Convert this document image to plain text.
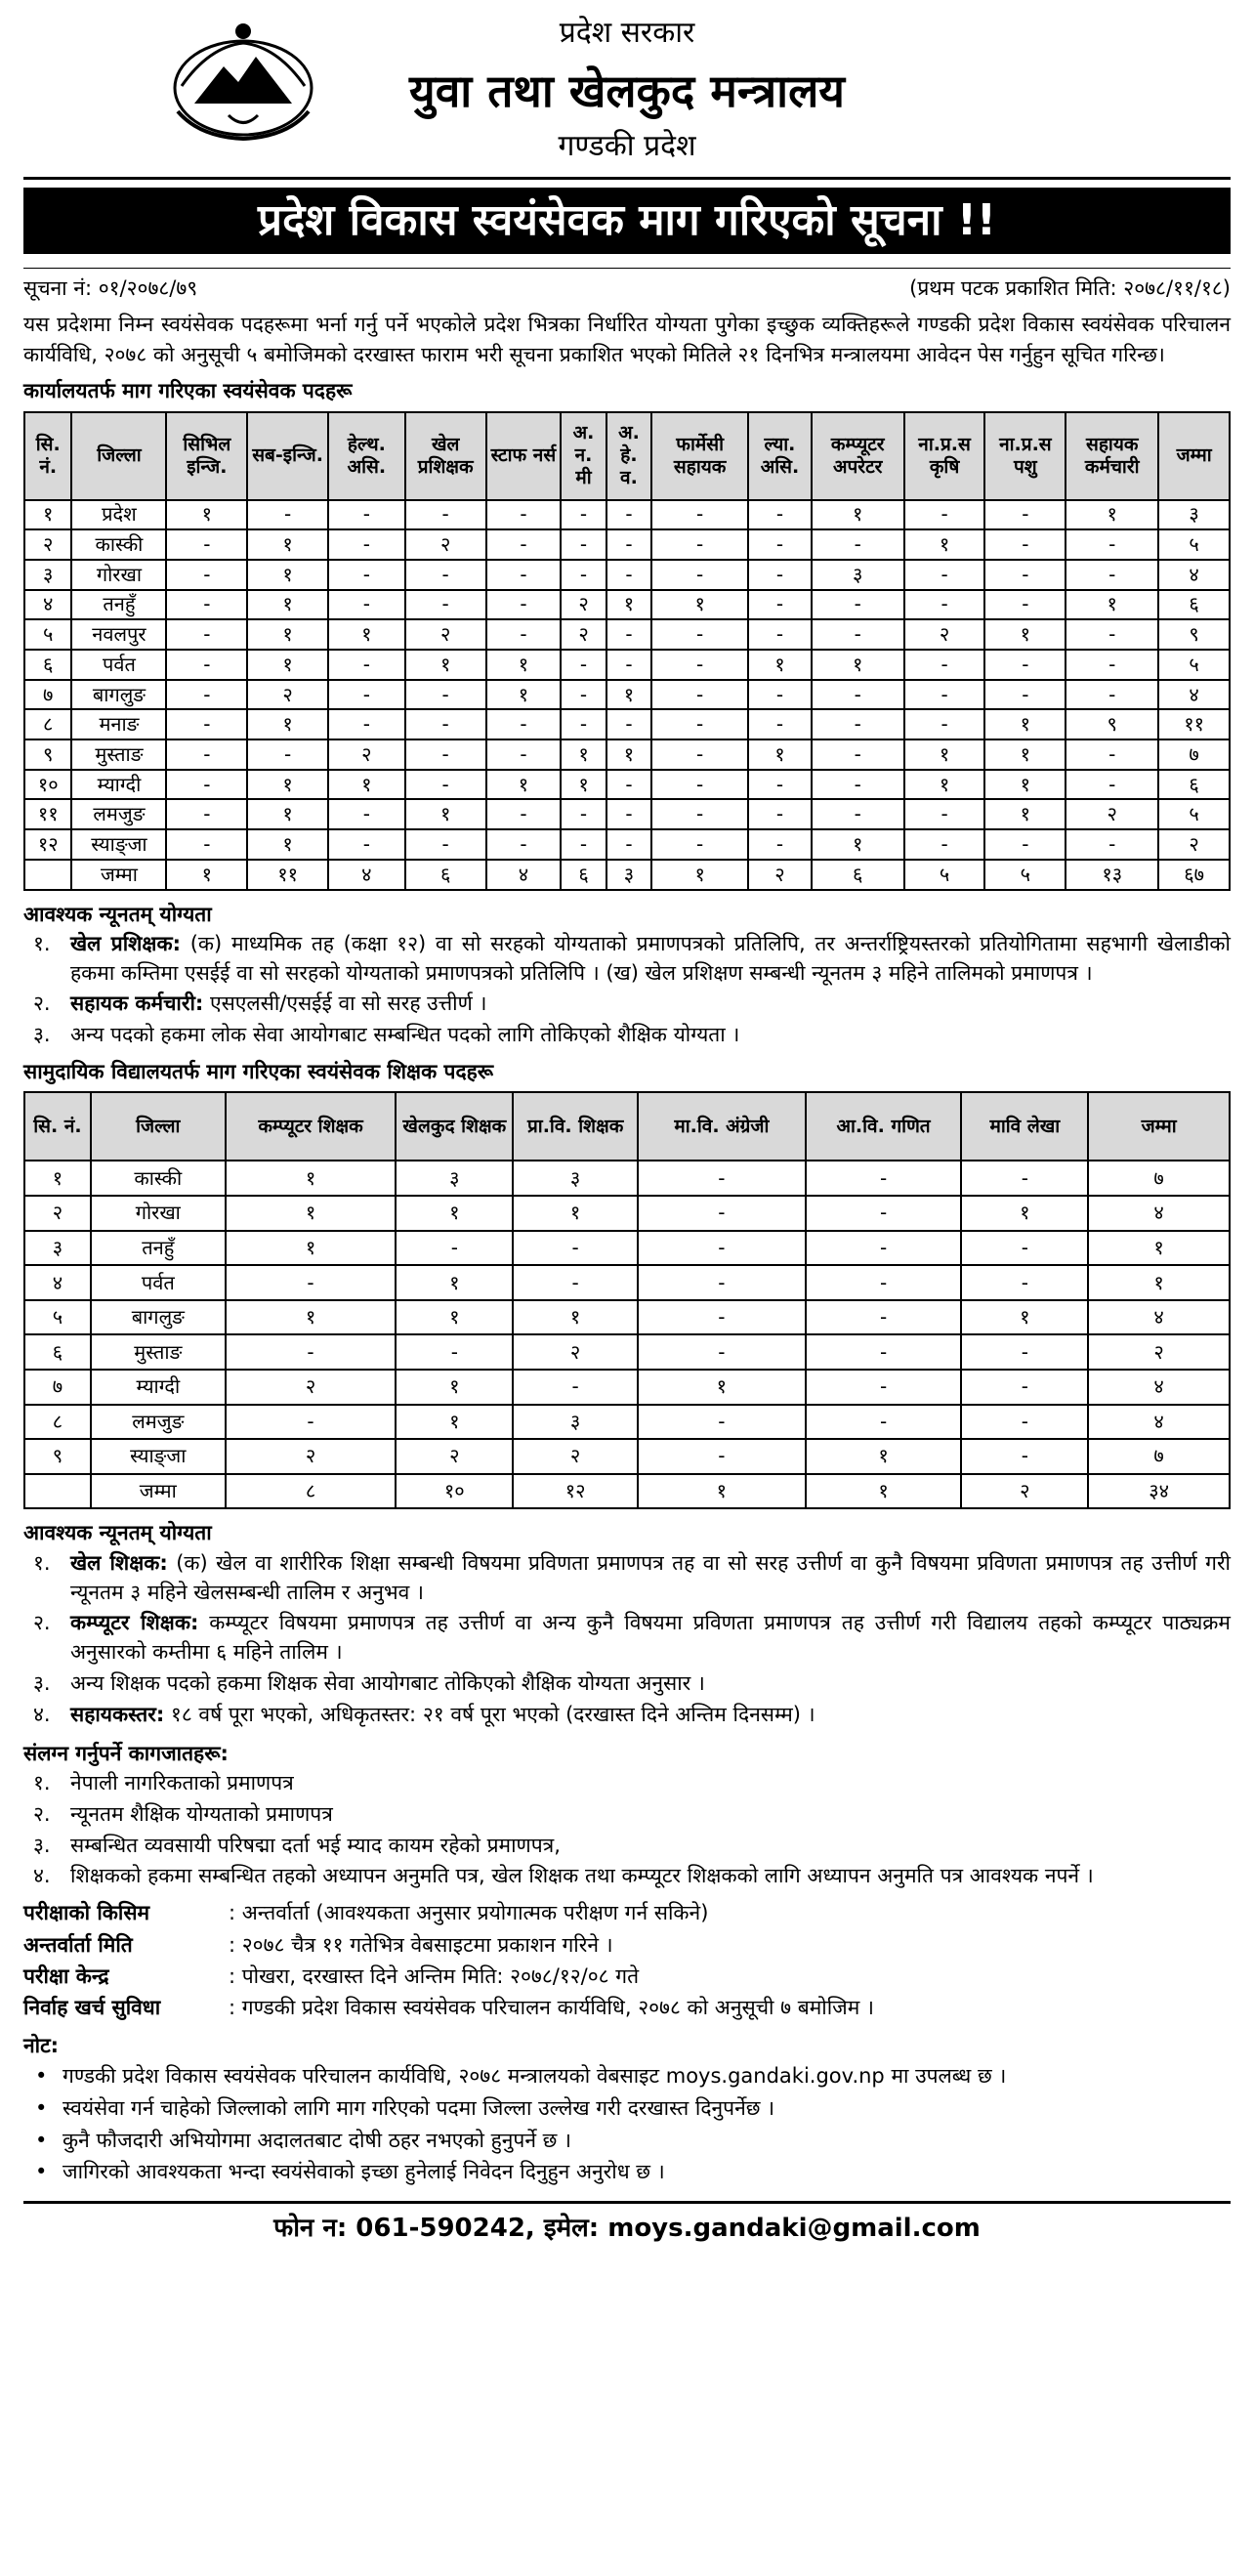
प्रदेश सरकार
युवा तथा खेलकुद मन्त्रालय
गण्डकी प्रदेश
प्रदेश विकास स्वयंसेवक माग गरिएको सूचना !!
सूचना नं: ०१/२०७८/७९	(प्रथम पटक प्रकाशित मिति: २०७८/११/१८)

यस प्रदेशमा निम्न स्वयंसेवक पदहरूमा भर्ना गर्नु पर्ने भएकोले प्रदेश भित्रका निर्धारित योग्यता पुगेका इच्छुक व्यक्तिहरूले गण्डकी प्रदेश विकास स्वयंसेवक परिचालन कार्यविधि, २०७८ को अनुसूची ५ बमोजिमको दरखास्त फाराम भरी सूचना प्रकाशित भएको मितिले २१ दिनभित्र मन्त्रालयमा आवेदन पेस गर्नुहुन सूचित गरिन्छ।

कार्यालयतर्फ माग गरिएका स्वयंसेवक पदहरू
सि. नं.	जिल्ला	सिभिल इन्जि.	सब-इन्जि.	हेल्थ. असि.	खेल प्रशिक्षक	स्टाफ नर्स	अ. न. मी	अ. हे. व.	फार्मेसी सहायक	ल्या. असि.	कम्प्यूटर अपरेटर	ना.प्र.स कृषि	ना.प्र.स पशु	सहायक कर्मचारी	जम्मा
१	प्रदेश	१	-	-	-	-	-	-	-	-	१	-	-	१	३
२	कास्की	-	१	-	२	-	-	-	-	-	-	१	-	-	५
३	गोरखा	-	१	-	-	-	-	-	-	-	३	-	-	-	४
४	तनहुँ	-	१	-	-	-	२	१	१	-	-	-	-	१	६
५	नवलपुर	-	१	१	२	-	२	-	-	-	-	२	१	-	९
६	पर्वत	-	१	-	१	१	-	-	-	१	१	-	-	-	५
७	बागलुङ	-	२	-	-	१	-	१	-	-	-	-	-	-	४
८	मनाङ	-	१	-	-	-	-	-	-	-	-	-	१	९	११
९	मुस्ताङ	-	-	२	-	-	१	१	-	१	-	१	१	-	७
१०	म्याग्दी	-	१	१	-	१	१	-	-	-	-	१	१	-	६
११	लमजुङ	-	१	-	१	-	-	-	-	-	-	-	१	२	५
१२	स्याङ्जा	-	१	-	-	-	-	-	-	-	१	-	-	-	२
	जम्मा	१	११	४	६	४	६	३	१	२	६	५	५	१३	६७
आवश्यक न्यूनतम् योग्यता
१. खेल प्रशिक्षक: (क) माध्यमिक तह (कक्षा १२) वा सो सरहको योग्यताको प्रमाणपत्रको प्रतिलिपि, तर अन्तर्राष्ट्रियस्तरको प्रतियोगितामा सहभागी खेलाडीको हकमा कम्तिमा एसईई वा सो सरहको योग्यताको प्रमाणपत्रको प्रतिलिपि । (ख) खेल प्रशिक्षण सम्बन्धी न्यूनतम ३ महिने तालिमको प्रमाणपत्र ।
२. सहायक कर्मचारी: एसएलसी/एसईई वा सो सरह उत्तीर्ण ।
३. अन्य पदको हकमा लोक सेवा आयोगबाट सम्बन्धित पदको लागि तोकिएको शैक्षिक योग्यता ।
सामुदायिक विद्यालयतर्फ माग गरिएका स्वयंसेवक शिक्षक पदहरू
सि. नं.	जिल्ला	कम्प्यूटर शिक्षक	खेलकुद शिक्षक	प्रा.वि. शिक्षक	मा.वि. अंग्रेजी	आ.वि. गणित	मावि लेखा	जम्मा
१	कास्की	१	३	३	-	-	-	७
२	गोरखा	१	१	१	-	-	१	४
३	तनहुँ	१	-	-	-	-	-	१
४	पर्वत	-	१	-	-	-	-	१
५	बागलुङ	१	१	१	-	-	१	४
६	मुस्ताङ	-	-	२	-	-	-	२
७	म्याग्दी	२	१	-	१	-	-	४
८	लमजुङ	-	१	३	-	-	-	४
९	स्याङ्जा	२	२	२	-	१	-	७
	जम्मा	८	१०	१२	१	१	२	३४
आवश्यक न्यूनतम् योग्यता
१. खेल शिक्षक: (क) खेल वा शारीरिक शिक्षा सम्बन्धी विषयमा प्रविणता प्रमाणपत्र तह वा सो सरह उत्तीर्ण वा कुनै विषयमा प्रविणता प्रमाणपत्र तह उत्तीर्ण गरी न्यूनतम ३ महिने खेलसम्बन्धी तालिम र अनुभव ।
२. कम्प्यूटर शिक्षक: कम्प्यूटर विषयमा प्रमाणपत्र तह उत्तीर्ण वा अन्य कुनै विषयमा प्रविणता प्रमाणपत्र तह उत्तीर्ण गरी विद्यालय तहको कम्प्यूटर पाठ्यक्रम अनुसारको कम्तीमा ६ महिने तालिम ।
३. अन्य शिक्षक पदको हकमा शिक्षक सेवा आयोगबाट तोकिएको शैक्षिक योग्यता अनुसार ।
४. सहायकस्तर: १८ वर्ष पूरा भएको, अधिकृतस्तर: २१ वर्ष पूरा भएको (दरखास्त दिने अन्तिम दिनसम्म) ।
संलग्न गर्नुपर्ने कागजातहरू:
१. नेपाली नागरिकताको प्रमाणपत्र
२. न्यूनतम शैक्षिक योग्यताको प्रमाणपत्र
३. सम्बन्धित व्यवसायी परिषद्मा दर्ता भई म्याद कायम रहेको प्रमाणपत्र,
४. शिक्षकको हकमा सम्बन्धित तहको अध्यापन अनुमति पत्र, खेल शिक्षक तथा कम्प्यूटर शिक्षकको लागि अध्यापन अनुमति पत्र आवश्यक नपर्ने ।
परीक्षाको किसिम	: अन्तर्वार्ता (आवश्यकता अनुसार प्रयोगात्मक परीक्षण गर्न सकिने)
अन्तर्वार्ता मिति	: २०७८ चैत्र ११ गतेभित्र वेबसाइटमा प्रकाशन गरिने ।
परीक्षा केन्द्र	: पोखरा, दरखास्त दिने अन्तिम मिति: २०७८/१२/०८ गते
निर्वाह खर्च सुविधा	: गण्डकी प्रदेश विकास स्वयंसेवक परिचालन कार्यविधि, २०७८ को अनुसूची ७ बमोजिम ।
नोट:
• गण्डकी प्रदेश विकास स्वयंसेवक परिचालन कार्यविधि, २०७८ मन्त्रालयको वेबसाइट moys.gandaki.gov.np मा उपलब्ध छ ।
• स्वयंसेवा गर्न चाहेको जिल्लाको लागि माग गरिएको पदमा जिल्ला उल्लेख गरी दरखास्त दिनुपर्नेछ ।
• कुनै फौजदारी अभियोगमा अदालतबाट दोषी ठहर नभएको हुनुपर्ने छ ।
• जागिरको आवश्यकता भन्दा स्वयंसेवाको इच्छा हुनेलाई निवेदन दिनुहुन अनुरोध छ ।
फोन न: 061-590242, इमेल: moys.gandaki@gmail.com
